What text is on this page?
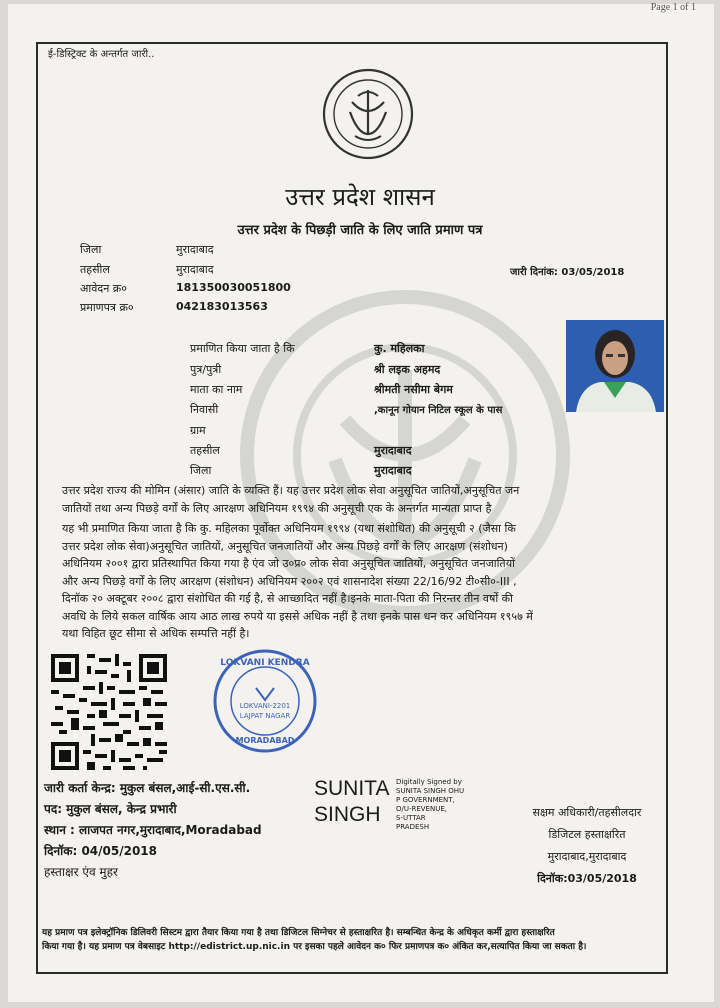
Page 1 of 1
ई-डिस्ट्रिक्ट के अन्तर्गत जारी..
उत्तर प्रदेश शासन
उत्तर प्रदेश के पिछड़ी जाति के लिए जाति प्रमाण पत्र
जिला	मुरादाबाद
तहसील	मुरादाबाद
आवेदन क्र०	181350030051800
प्रमाणपत्र क्र०	042183013563
जारी दिनांक: 03/05/2018
प्रमाणित किया जाता है कि	कु. महिलका
पुत्र/पुत्री	श्री लइक अहमद
माता का नाम	श्रीमती नसीमा बेगम
निवासी	,कानून गोयान निटिल स्कूल के पास
ग्राम
तहसील	मुरादाबाद
जिला	मुरादाबाद
उत्तर प्रदेश राज्य की मोमिन (अंसार) जाति के व्यक्ति हैं। यह उत्तर प्रदेश लोक सेवा अनुसूचित जातियों,अनुसूचित जन
जातियों तथा अन्य पिछड़े वर्गों के लिए आरक्षण अधिनियम १९९४ की अनुसूची एक के अन्तर्गत मान्यता प्राप्त है
यह भी प्रमाणित किया जाता है कि कु. महिलका पूर्वोक्त अधिनियम १९९४ (यथा संशोधित) की अनुसूची २ (जैसा कि
उत्तर प्रदेश लोक सेवा)अनुसूचित जातियों, अनुसूचित जनजातियों और अन्य पिछड़े वर्गों के लिए आरक्षण (संशोधन)
अधिनियम २००१ द्वारा प्रतिस्थापित किया गया है एंव जो उ०प्र० लोक सेवा अनुसूचित जातियों, अनुसूचित जनजातियों
और अन्य पिछड़े वर्गों के लिए आरक्षण (संशोधन) अधिनियम २००२ एवं शासनादेश संख्या 22/16/92 टी०सी०-III ,
दिनॉक २० अक्टूबर २००८ द्वारा संशोधित की गई है, से आच्छादित नहीं है।इनके माता-पिता की निरन्तर तीन वर्षों की
अवधि के लिये सकल वार्षिक आय आठ लाख रुपये या इससे अधिक नहीं है तथा इनके पास धन कर अधिनियम १९५७ में
यथा विहित छूट सीमा से अधिक सम्पत्ति नहीं है।
LOKVANI KENDRA
LOKVANI-2201
LAJPAT NAGAR
MORADABAD
जारी कर्ता केन्द्र: मुकुल बंसल,आई-सी.एस.सी.
पद: मुकुल बंसल, केन्द्र प्रभारी
स्थान : लाजपत नगर,मुरादाबाद,Moradabad
दिनॉक: 04/05/2018
हस्ताक्षर एंव मुहर
SUNITA
SINGH
Digitally Signed by
SUNITA SINGH OHU
P GOVERNMENT,
O/U-REVENUE,
S-UTTAR
PRADESH
सक्षम अधिकारी/तहसीलदार
डिजिटल हस्ताक्षरित
मुरादाबाद,मुरादाबाद
दिनॉक:03/05/2018
यह प्रमाण पत्र इलेक्ट्रॉनिक डिलिवरी सिस्टम द्वारा तैयार किया गया है तथा डिजिटल सिग्नेचर से हस्ताक्षरित है। सम्बन्धित केन्द्र के अधिकृत कर्मी द्वारा हस्ताक्षरित
किया गया है। यह प्रमाण पत्र वेबसाइट http://edistrict.up.nic.in पर इसका पहले आवेदन क० फिर प्रमाणपत्र क० अंकित कर,सत्यापित किया जा सकता है।
